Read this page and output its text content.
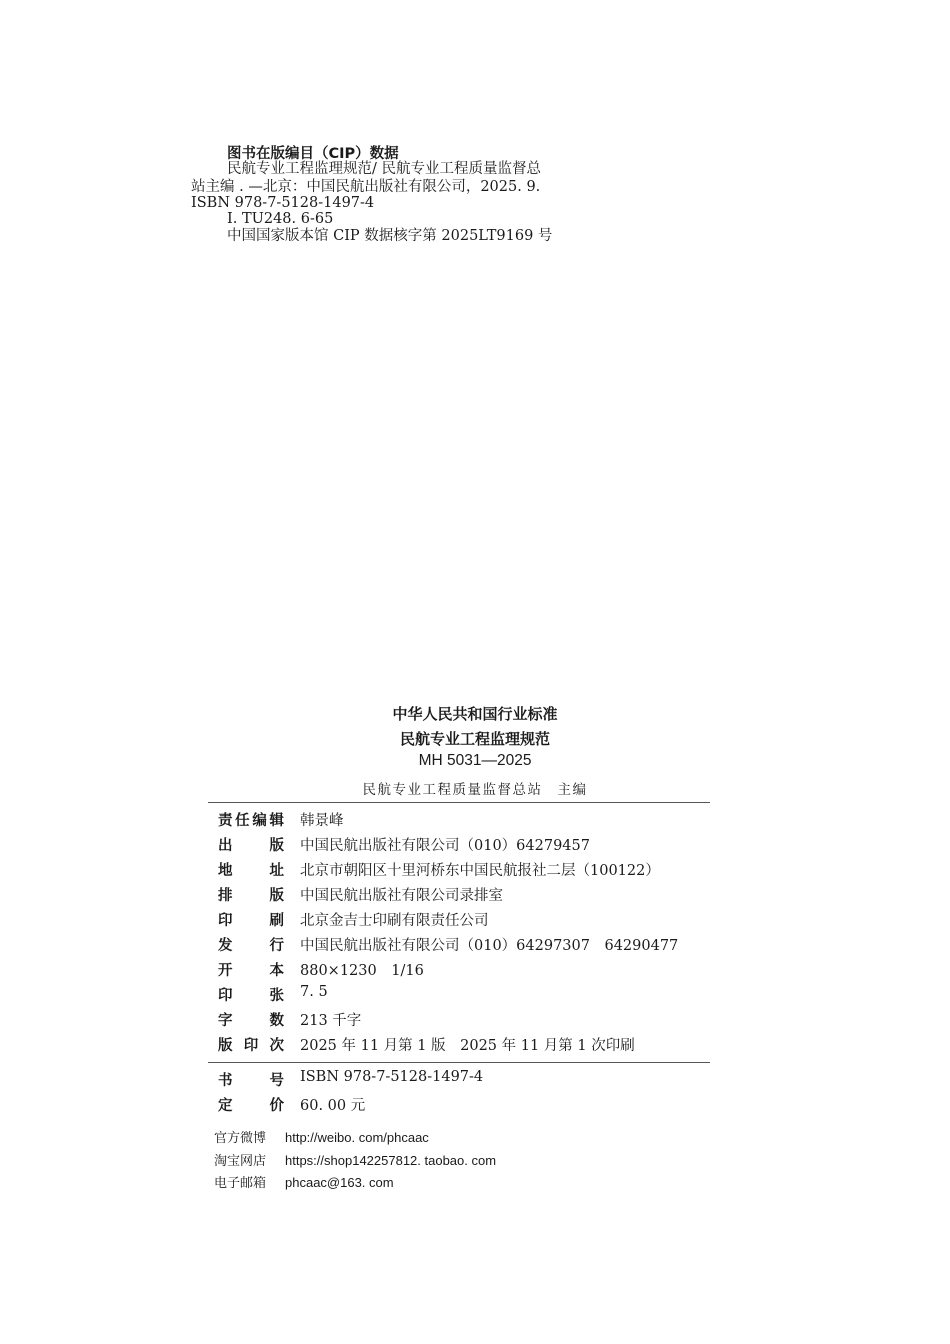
图书在版编目（CIP）数据
民航专业工程监理规范/ 民航专业工程质量监督总
站主编 . —北京：中国民航出版社有限公司，2025. 9.
ISBN 978-7-5128-1497-4
Ⅰ. TU248. 6-65
中国国家版本馆 CIP 数据核字第 2025LT9169 号
中华人民共和国行业标准
民航专业工程监理规范
MH 5031—2025
民航专业工程质量监督总站　主编
责 任 编 辑 韩景峰
出	版 中国民航出版社有限公司（010）64279457
地	址 北京市朝阳区十里河桥东中国民航报社二层（100122）
排	版 中国民航出版社有限公司录排室
印	刷 北京金吉士印刷有限责任公司
发	行 中国民航出版社有限公司（010）64297307　64290477
开	本 880×1230　1/16
印	张 7. 5
字	数 213 千字
版 印 次 2025 年 11 月第 1 版　2025 年 11 月第 1 次印刷
书	号 ISBN 978-7-5128-1497-4
定	价 60. 00 元
官方微博 http://weibo. com/phcaac
淘宝网店 https://shop142257812. taobao. com
电子邮箱 phcaac@163. com
